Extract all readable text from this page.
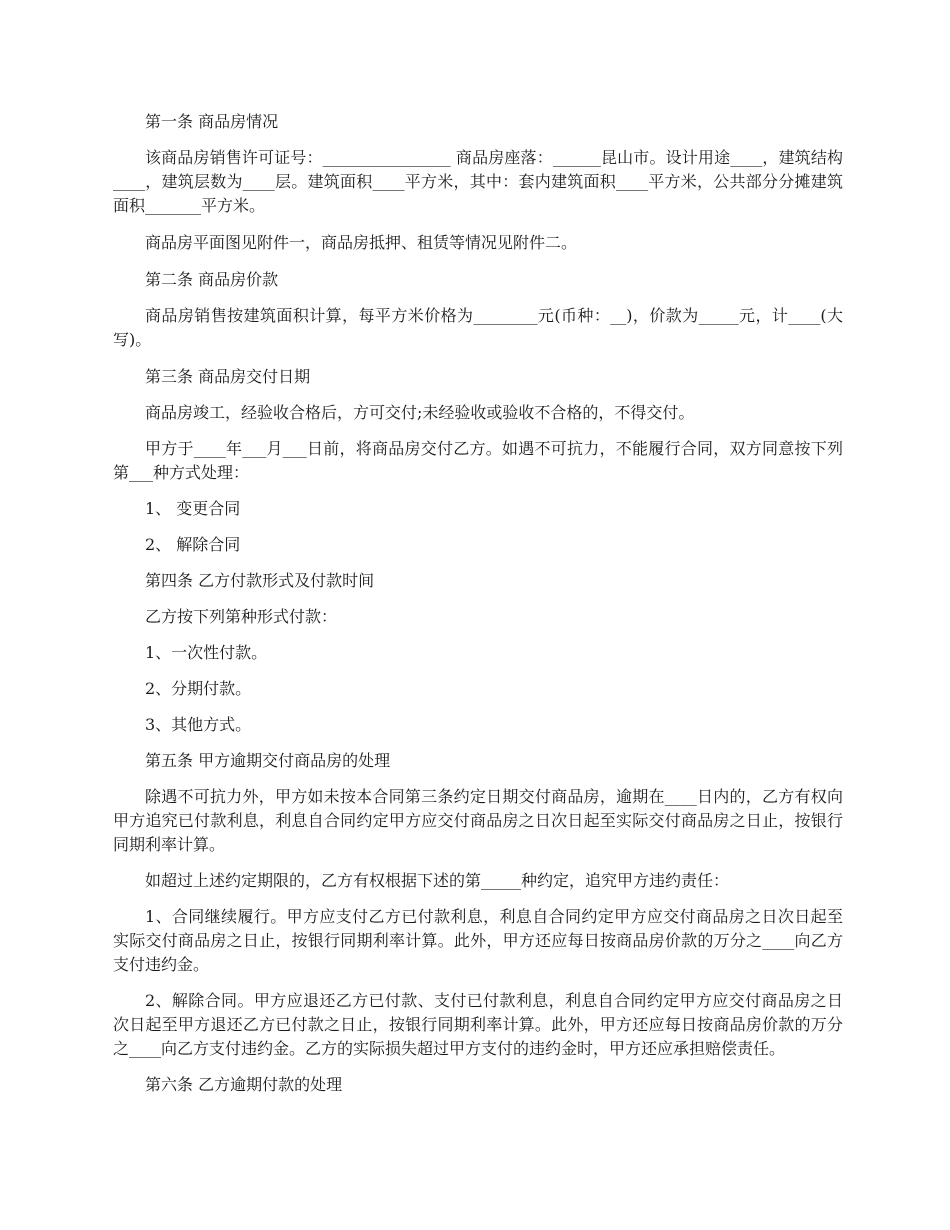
第一条 商品房情况

该商品房销售许可证号：________________ 商品房座落：______昆山市。设计用途____，建筑结构____，建筑层数为____层。建筑面积____平方米，其中：套内建筑面积____平方米，公共部分分摊建筑面积_______平方米。

商品房平面图见附件一，商品房抵押、租赁等情况见附件二。

第二条 商品房价款

商品房销售按建筑面积计算，每平方米价格为________元(币种：__)，价款为_____元，计____(大写)。

第三条 商品房交付日期

商品房竣工，经验收合格后，方可交付;未经验收或验收不合格的，不得交付。

甲方于____年___月___日前，将商品房交付乙方。如遇不可抗力，不能履行合同，双方同意按下列第___种方式处理：

1、 变更合同

2、 解除合同

第四条 乙方付款形式及付款时间

乙方按下列第种形式付款：

1、一次性付款。

2、分期付款。

3、其他方式。

第五条 甲方逾期交付商品房的处理

除遇不可抗力外，甲方如未按本合同第三条约定日期交付商品房，逾期在____日内的，乙方有权向甲方追究已付款利息，利息自合同约定甲方应交付商品房之日次日起至实际交付商品房之日止，按银行同期利率计算。

如超过上述约定期限的，乙方有权根据下述的第_____种约定，追究甲方违约责任：

1、合同继续履行。甲方应支付乙方已付款利息，利息自合同约定甲方应交付商品房之日次日起至实际交付商品房之日止，按银行同期利率计算。此外，甲方还应每日按商品房价款的万分之____向乙方支付违约金。

2、解除合同。甲方应退还乙方已付款、支付已付款利息，利息自合同约定甲方应交付商品房之日次日起至甲方退还乙方已付款之日止，按银行同期利率计算。此外，甲方还应每日按商品房价款的万分之____向乙方支付违约金。乙方的实际损失超过甲方支付的违约金时，甲方还应承担赔偿责任。

第六条 乙方逾期付款的处理
